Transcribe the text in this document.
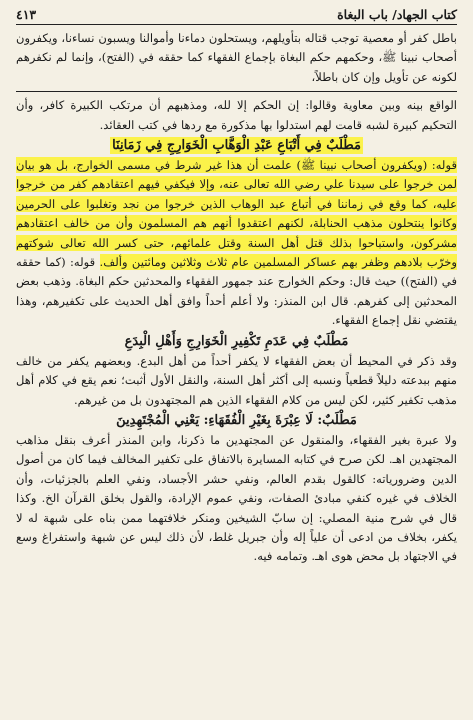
كتاب الجهاد/ باب البغاة
٤١٣

باطل كفر أو معصية توجب قتاله بتأويلهم، ويستحلون دماءنا وأموالنا ويسبون نساءنا، ويكفرون أصحاب نبينا ﷺ، وحكمهم حكم البغاة بإجماع الفقهاء كما حققه في (الفتح)، وإنما لم نكفرهم لكونه عن تأويل وإن كان باطلاً،

الواقع بينه وبين معاوية وقالوا: إن الحكم إلا لله، ومذهبهم أن مرتكب الكبيرة كافر، وأن التحكيم كبيرة لشبه قامت لهم استدلوا بها مذكورة مع ردها في كتب العقائد.

مَطْلَبٌ فِي أَتْبَاعِ عَبْدِ الْوَهَّابِ الْخَوَارِجِ فِي زَمَانِنَا

قوله: (ويكفرون أصحاب نبينا ﷺ) علمت أن هذا غير شرط في مسمى الخوارج، بل هو بيان لمن خرجوا على سيدنا علي رضي الله تعالى عنه، وإلا فيكفي فيهم اعتقادهم كفر من خرجوا عليه، كما وقع في زماننا في أتباع عبد الوهاب الذين خرجوا من نجد وتغلبوا على الحرمين وكانوا ينتحلون مذهب الحنابلة، لكنهم اعتقدوا أنهم هم المسلمون وأن من خالف اعتقادهم مشركون، واستباحوا بذلك قتل أهل السنة وقتل علمائهم، حتى كسر الله تعالى شوكتهم وخرّب بلادهم وظفر بهم عساكر المسلمين عام ثلاث وثلاثين ومائتين وألف. قوله: (كما حققه في (الفتح)) حيث قال: وحكم الخوارج عند جمهور الفقهاء والمحدثين حكم البغاة. وذهب بعض المحدثين إلى كفرهم. قال ابن المنذر: ولا أعلم أحداً وافق أهل الحديث على تكفيرهم، وهذا يقتضي نقل إجماع الفقهاء.

مَطْلَبٌ فِي عَدَمِ تَكْفِيرِ الْخَوَارِجِ وَأَهْلِ الْبِدَعِ

وقد ذكر في المحيط أن بعض الفقهاء لا يكفر أحداً من أهل البدع. وبعضهم يكفر من خالف منهم ببدعته دليلاً قطعياً ونسبه إلى أكثر أهل السنة، والنقل الأول أثبت؛ نعم يقع في كلام أهل مذهب تكفير كثير، لكن ليس من كلام الفقهاء الذين هم المجتهدون بل من غيرهم.

مَطْلَبٌ: لَا عِبْرَةَ بِغَيْرِ الْفُقَهَاءِ: يَعْنِي الْمُجْتَهِدِينَ

ولا عبرة بغير الفقهاء، والمنقول عن المجتهدين ما ذكرنا، وابن المنذر أعرف بنقل مذاهب المجتهدين اهـ. لكن صرح في كتابه المسايرة بالاتفاق على تكفير المخالف فيما كان من أصول الدين وضرورياته: كالقول بقدم العالم، ونفي حشر الأجساد، ونفي العلم بالجزئيات، وأن الخلاف في غيره كنفي مبادئ الصفات، ونفي عموم الإرادة، والقول بخلق القرآن الخ. وكذا قال في شرح منية المصلي: إن سابّ الشيخين ومنكر خلافتهما ممن بناه على شبهة له لا يكفر، بخلاف من ادعى أن علياً إله وأن جبريل غلط، لأن ذلك ليس عن شبهة واستفراغ وسع في الاجتهاد بل محض هوى اهـ. وتمامه فيه.
